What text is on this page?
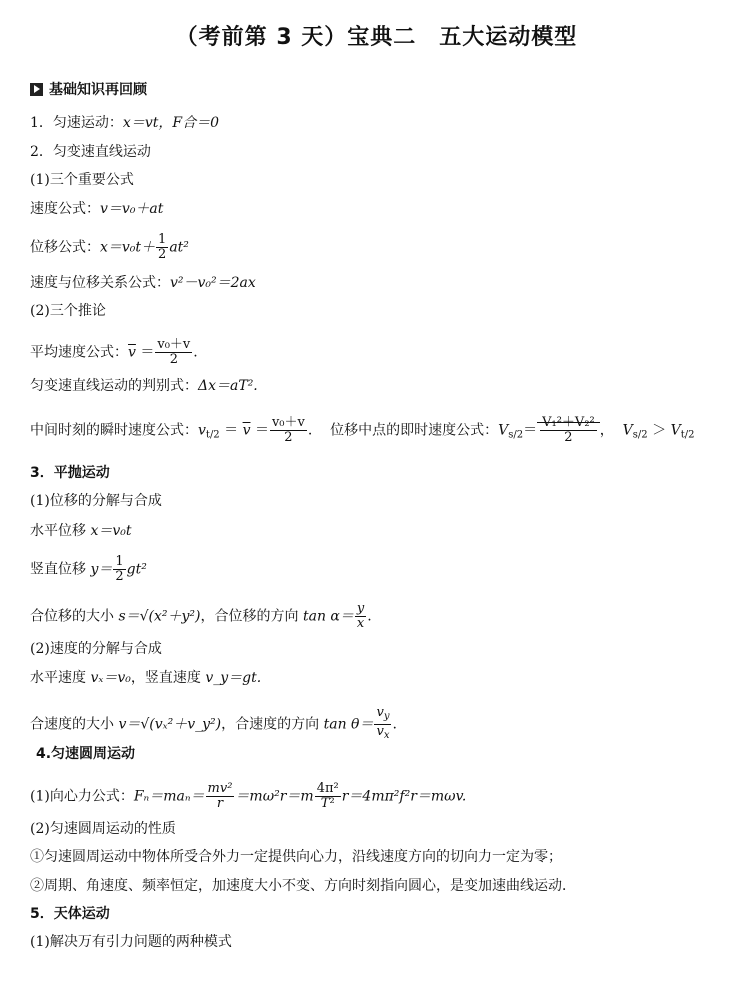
（考前第 3 天）宝典二　五大运动模型
基础知识再回顾
1．匀速运动：x＝vt，F合＝0
2．匀变速直线运动
(1)三个重要公式
速度公式：v＝v₀＋at
位移公式：$x=v_0t+ \frac{1}{2} at^2$
速度与位移关系公式：v²－v₀²＝2ax
(2)三个推论
平均速度公式：$\overline{v} = \frac{\text{v₀＋v}}{2}$ .
匀变速直线运动的判别式：Δx＝aT².
中间时刻的瞬时速度公式：$v_{t/2} = \overline{v} = \frac{\text{v₀＋v}}{2}$ .    位移中点的即时速度公式：$V_{s/2}= \frac{\text{V₁²＋V₂²}}{2}$ ，  $V_{s/2} > V_{t/2}$
3．平抛运动
(1)位移的分解与合成
水平位移 x＝v₀t
竖直位移 $y= \frac{1}{2} gt^2$
合位移的大小 s＝√(x²＋y²)，合位移的方向 $\tan \alpha= \frac{y}{x}$ .
(2)速度的分解与合成
水平速度 vₓ＝v₀，竖直速度 v_y＝gt.
合速度的大小 v＝√(vₓ²＋v_y²)，合速度的方向 $\tan \theta= \frac{v_y}{v_x}$ .
4.匀速圆周运动
(1)向心力公式：$F_n=ma_n= \frac{\text{mv²}}{r} =m\omega^2r=m \frac{\text{4π²}}{\text{T²}} r=4m\pi^2f^2r=m\omega v$.
(2)匀速圆周运动的性质
①匀速圆周运动中物体所受合外力一定提供向心力，沿线速度方向的切向力一定为零；
②周期、角速度、频率恒定，加速度大小不变、方向时刻指向圆心，是变加速曲线运动．
5．天体运动
(1)解决万有引力问题的两种模式
